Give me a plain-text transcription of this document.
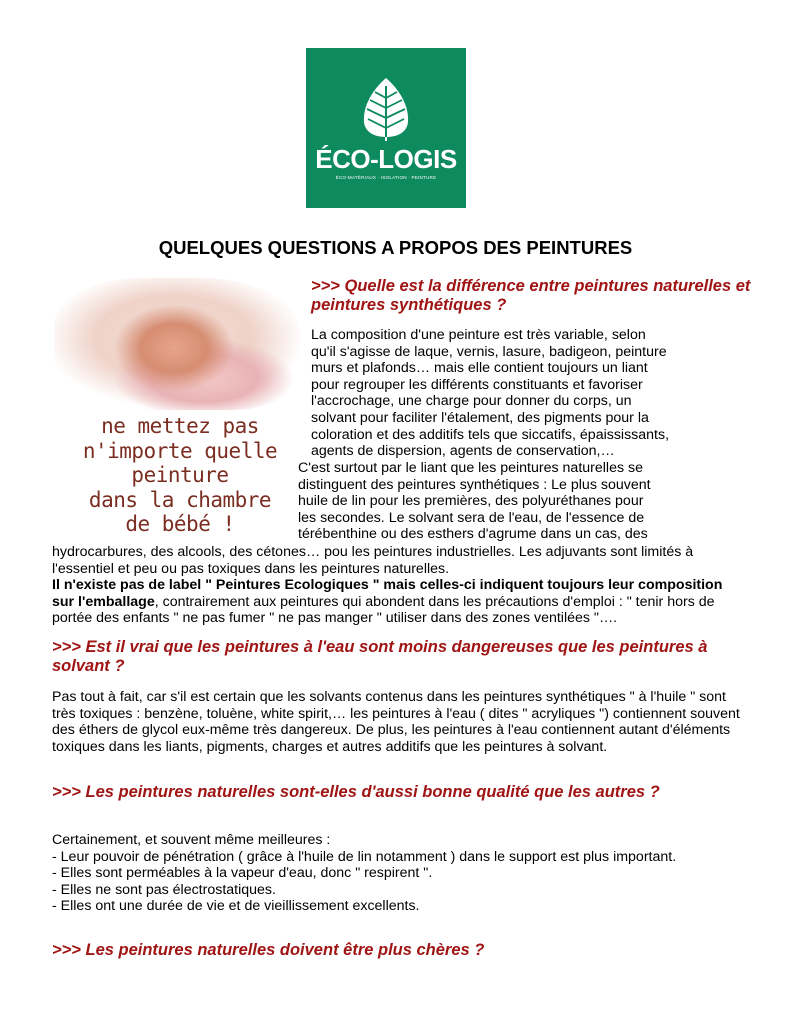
ÉCO-LOGIS
ÉCO-MATÉRIAUX · ISOLATION · PEINTURE
QUELQUES QUESTIONS A PROPOS DES PEINTURES

ne mettez pas
n'importe quelle
peinture
dans la chambre
de bébé !

>>> Quelle est la différence entre peintures naturelles et peintures synthétiques ?

La composition d'une peinture est très variable, selon
qu'il s'agisse de laque, vernis, lasure, badigeon, peinture
murs et plafonds… mais elle contient toujours un liant
pour regrouper les différents constituants et favoriser
l'accrochage, une charge pour donner du corps, un
solvant pour faciliter l'étalement, des pigments pour la
coloration et des additifs tels que siccatifs, épaississants,
agents de dispersion, agents de conservation,…

C'est surtout par le liant que les peintures naturelles se
distinguent des peintures synthétiques : Le plus souvent
huile de lin pour les premières, des polyuréthanes pour
les secondes. Le solvant sera de l'eau, de l'essence de
térébenthine ou des esthers d'agrume dans un cas, des

hydrocarbures, des alcools, des cétones… pou les peintures industrielles. Les adjuvants sont limités à l'essentiel et peu ou pas toxiques dans les peintures naturelles.
Il n'existe pas de label " Peintures Ecologiques " mais celles-ci indiquent toujours leur composition sur l'emballage, contrairement aux peintures qui abondent dans les précautions d'emploi : " tenir hors de portée des enfants " ne pas fumer " ne pas manger " utiliser dans des zones ventilées "….

>>> Est il vrai que les peintures à l'eau sont moins dangereuses que les peintures à solvant ?

Pas tout à fait, car s'il est certain que les solvants contenus dans les peintures synthétiques " à l'huile " sont très toxiques : benzène, toluène, white spirit,… les peintures à l'eau ( dites " acryliques ") contiennent souvent des éthers de glycol eux-même très dangereux. De plus, les peintures à l'eau contiennent autant d'éléments toxiques dans les liants, pigments, charges et autres additifs que les peintures à solvant.

>>> Les peintures naturelles sont-elles d'aussi bonne qualité que les autres ?

Certainement, et souvent même meilleures :
- Leur pouvoir de pénétration ( grâce à l'huile de lin notamment ) dans le support est plus important.
- Elles sont perméables à la vapeur d'eau, donc " respirent ".
- Elles ne sont pas électrostatiques.
- Elles ont une durée de vie et de vieillissement excellents.

>>> Les peintures naturelles doivent être plus chères ?
